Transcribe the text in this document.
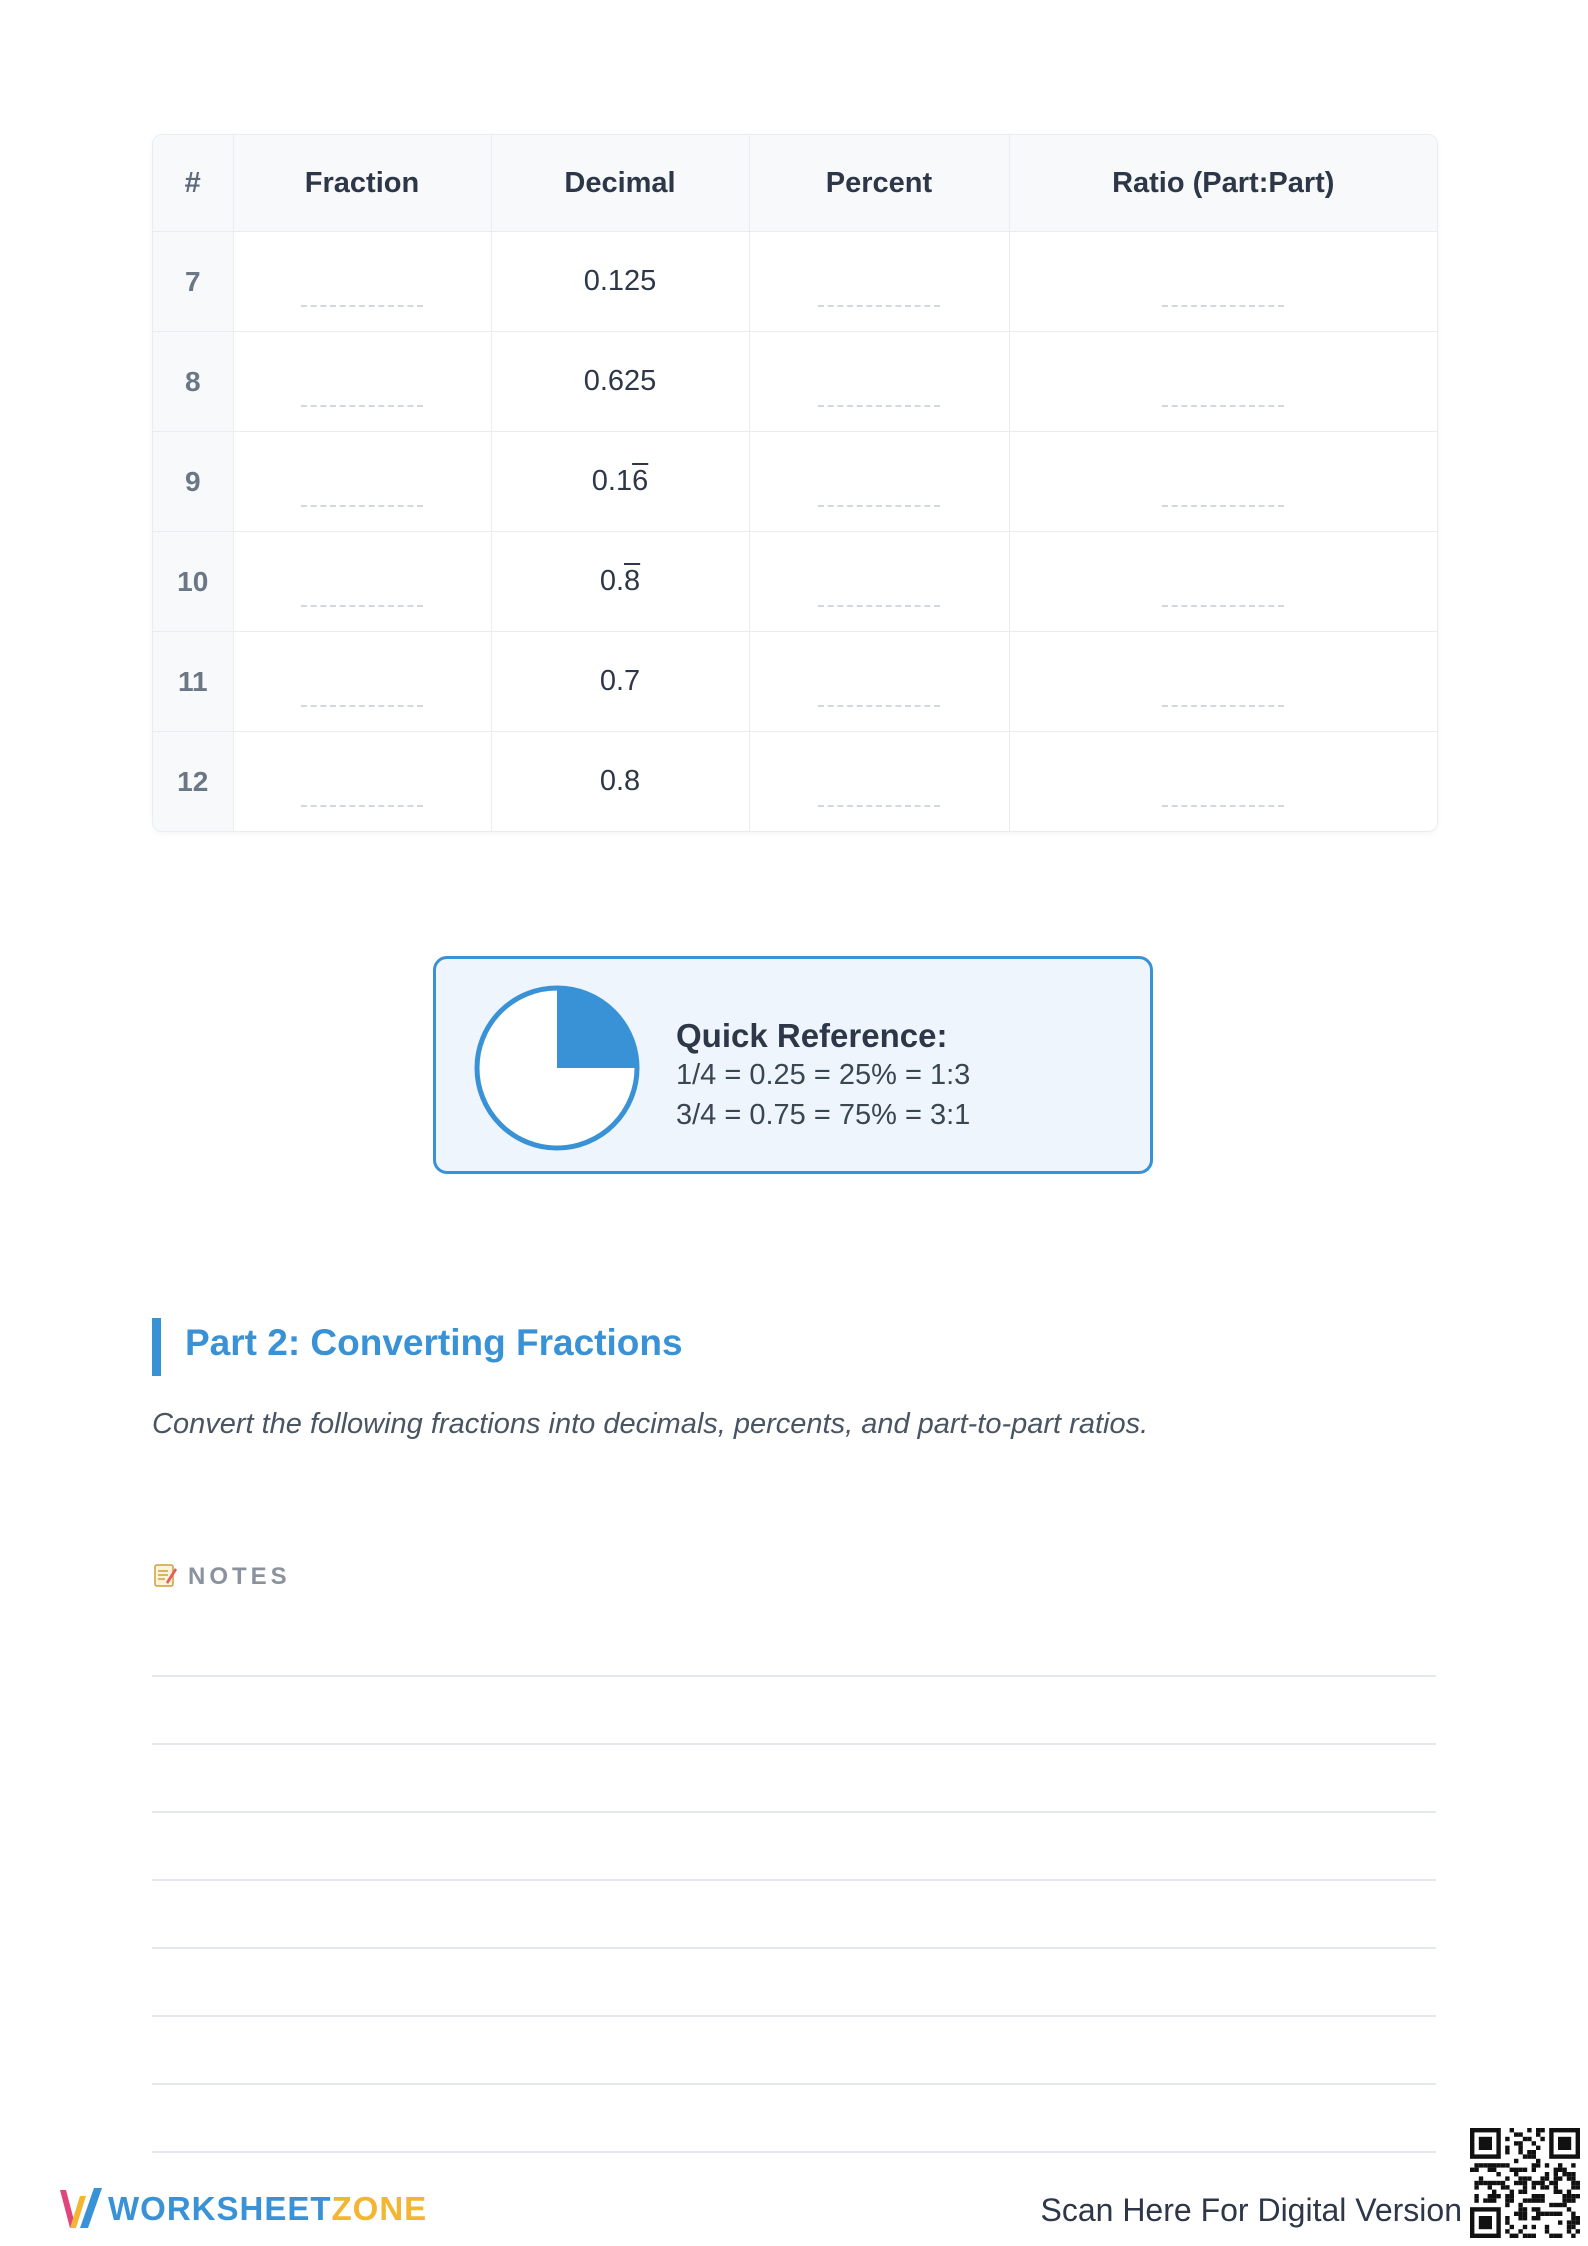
#	Fraction	Decimal	Percent	Ratio (Part:Part)
7		0.125	

8		0.625	

9		0.16	

10		0.8	

11		0.7	

12		0.8	

Quick Reference:
1/4 = 0.25 = 25% = 1:3
3/4 = 0.75 = 75% = 3:1
Part 2: Converting Fractions
Convert the following fractions into decimals, percents, and part-to-part ratios.
NOTES
WORKSHEETZONE	Scan Here For Digital Version
